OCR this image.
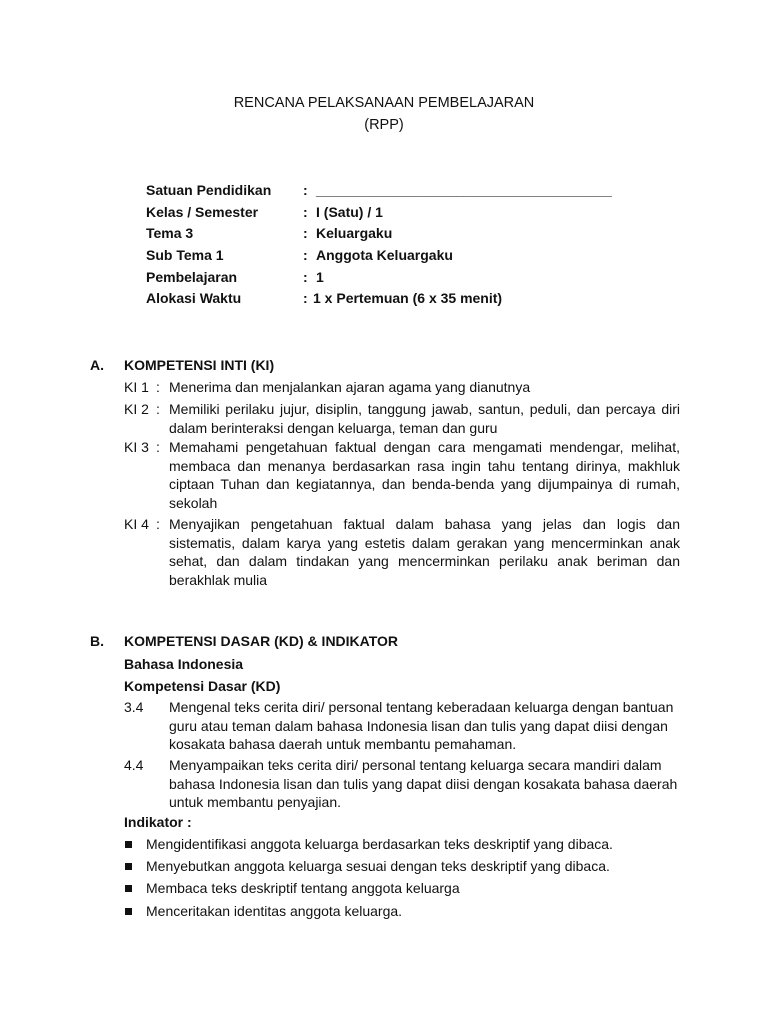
RENCANA PELAKSANAAN PEMBELAJARAN
(RPP)
Satuan Pendidikan : ______________________________________
Kelas / Semester	: I (Satu) / 1
Tema 3	: Keluargaku
Sub Tema 1	: Anggota Keluargaku
Pembelajaran	: 1
Alokasi Waktu	: 1 x Pertemuan (6 x 35 menit)
A. KOMPETENSI INTI (KI)
KI 1 : Menerima dan menjalankan ajaran agama yang dianutnya
KI 2 : Memiliki perilaku jujur, disiplin, tanggung jawab, santun, peduli, dan percaya diri dalam berinteraksi dengan keluarga, teman dan guru
KI 3 : Memahami pengetahuan faktual dengan cara mengamati mendengar, melihat, membaca dan menanya berdasarkan rasa ingin tahu tentang dirinya, makhluk ciptaan Tuhan dan kegiatannya, dan benda-benda yang dijumpainya di rumah, sekolah
KI 4 : Menyajikan pengetahuan faktual dalam bahasa yang jelas dan logis dan sistematis, dalam karya yang estetis dalam gerakan yang mencerminkan anak sehat, dan dalam tindakan yang mencerminkan perilaku anak beriman dan berakhlak mulia
B. KOMPETENSI DASAR (KD) & INDIKATOR
Bahasa Indonesia
Kompetensi Dasar (KD)
3.4 Mengenal teks cerita diri/ personal tentang keberadaan keluarga dengan bantuan guru atau teman dalam bahasa Indonesia lisan dan tulis yang dapat diisi dengan kosakata bahasa daerah untuk membantu pemahaman.
4.4 Menyampaikan teks cerita diri/ personal tentang keluarga secara mandiri dalam bahasa Indonesia lisan dan tulis yang dapat diisi dengan kosakata bahasa daerah untuk membantu penyajian.
Indikator :
Mengidentifikasi anggota keluarga berdasarkan teks deskriptif yang dibaca.
Menyebutkan anggota keluarga sesuai dengan teks deskriptif yang dibaca.
Membaca teks deskriptif tentang anggota keluarga
Menceritakan identitas anggota keluarga.
